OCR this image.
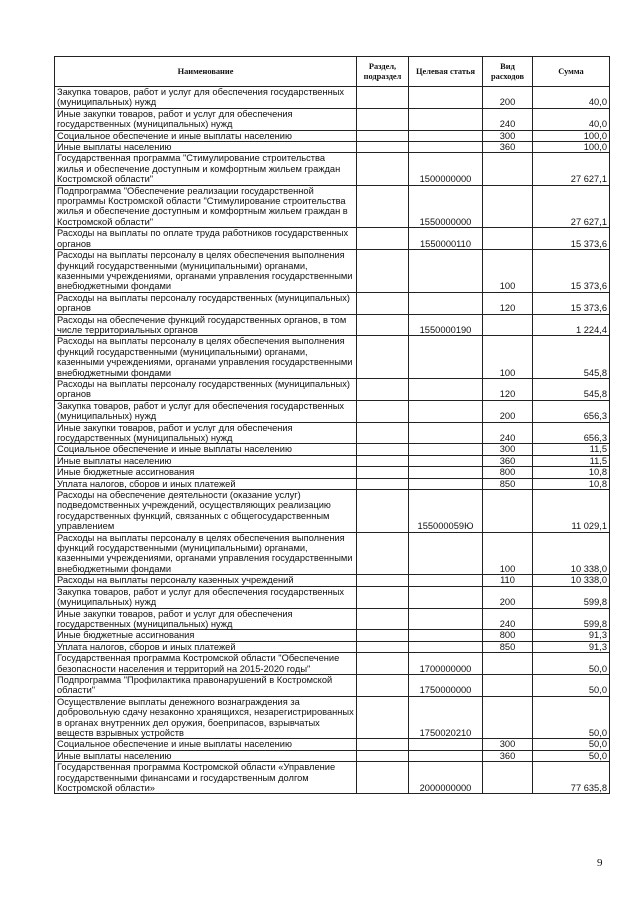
Наименование	Раздел, подраздел	Целевая статья	Вид расходов	Сумма
Закупка товаров, работ и услуг для обеспечения государственных (муниципальных) нужд			200	40,0
Иные закупки товаров, работ и услуг для обеспечения государственных (муниципальных) нужд			240	40,0
Социальное обеспечение и иные выплаты населению			300	100,0
Иные выплаты населению			360	100,0
Государственная программа "Стимулирование строительства жилья и обеспечение доступным и комфортным жильем граждан Костромской области"		1500000000		27 627,1
Подпрограмма "Обеспечение реализации государственной программы Костромской области "Стимулирование строительства жилья и обеспечение доступным и комфортным жильем граждан в Костромской области"		1550000000		27 627,1
Расходы на выплаты по оплате труда работников государственных органов		1550000110		15 373,6
Расходы на выплаты персоналу в целях обеспечения выполнения функций государственными (муниципальными) органами, казенными учреждениями, органами управления государственными внебюджетными фондами			100	15 373,6
Расходы на выплаты персоналу государственных (муниципальных) органов			120	15 373,6
Расходы на обеспечение функций государственных органов, в том числе территориальных органов		1550000190		1 224,4
Расходы на выплаты персоналу в целях обеспечения выполнения функций государственными (муниципальными) органами, казенными учреждениями, органами управления государственными внебюджетными фондами			100	545,8
Расходы на выплаты персоналу государственных (муниципальных) органов			120	545,8
Закупка товаров, работ и услуг для обеспечения государственных (муниципальных) нужд			200	656,3
Иные закупки товаров, работ и услуг для обеспечения государственных (муниципальных) нужд			240	656,3
Социальное обеспечение и иные выплаты населению			300	11,5
Иные выплаты населению			360	11,5
Иные бюджетные ассигнования			800	10,8
Уплата налогов, сборов и иных платежей			850	10,8
Расходы на обеспечение деятельности (оказание услуг) подведомственных учреждений, осуществляющих реализацию государственных функций, связанных с общегосударственным управлением		155000059Ю		11 029,1
Расходы на выплаты персоналу в целях обеспечения выполнения функций государственными (муниципальными) органами, казенными учреждениями, органами управления государственными внебюджетными фондами			100	10 338,0
Расходы на выплаты персоналу казенных учреждений			110	10 338,0
Закупка товаров, работ и услуг для обеспечения государственных (муниципальных) нужд			200	599,8
Иные закупки товаров, работ и услуг для обеспечения государственных (муниципальных) нужд			240	599,8
Иные бюджетные ассигнования			800	91,3
Уплата налогов, сборов и иных платежей			850	91,3
Государственная программа Костромской области "Обеспечение безопасности населения и территорий на 2015-2020 годы"		1700000000		50,0
Подпрограмма "Профилактика правонарушений в Костромской области"		1750000000		50,0
Осуществление выплаты денежного вознаграждения за добровольную сдачу незаконно хранящихся, незарегистрированных в органах внутренних дел оружия, боеприпасов, взрывчатых веществ взрывных устройств		1750020210		50,0
Социальное обеспечение и иные выплаты населению			300	50,0
Иные выплаты населению			360	50,0
Государственная программа Костромской области «Управление государственными финансами и государственным долгом Костромской области»		2000000000		77 635,8
9
